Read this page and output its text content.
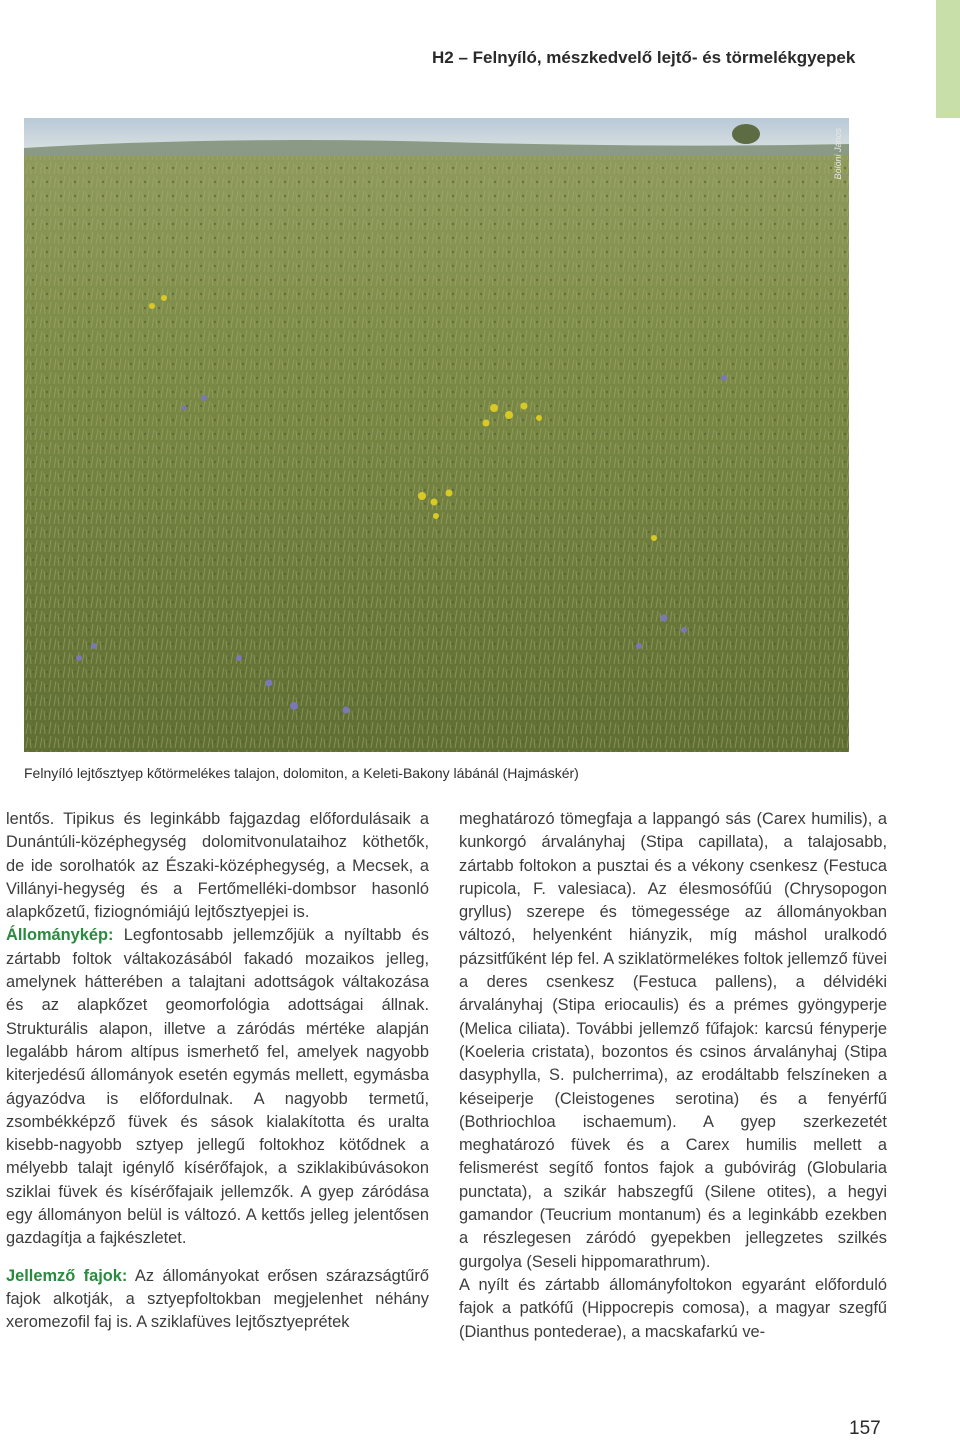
H2 – Felnyíló, mészkedvelő lejtő- és törmelékgyepek
Bölöni János
Felnyíló lejtősztyep kőtörmelékes talajon, dolomiton, a Keleti-Bakony lábánál (Hajmáskér)

lentős. Tipikus és leginkább fajgazdag előfordulásaik a Dunántúli-középhegység dolomitvonulataihoz köthetők, de ide sorolhatók az Északi-középhegység, a Mecsek, a Villányi-hegység és a Fertőmelléki-dombsor hasonló alapkőzetű, fiziognómiájú lejtősztyepjei is.

Állománykép: Legfontosabb jellemzőjük a nyíltabb és zártabb foltok váltakozásából fakadó mozaikos jelleg, amelynek hátterében a talajtani adottságok váltakozása és az alapkőzet geomorfológia adottságai állnak. Strukturális alapon, illetve a záródás mértéke alapján legalább három altípus ismerhető fel, amelyek nagyobb kiterjedésű állományok esetén egymás mellett, egymásba ágyazódva is előfordulnak. A nagyobb termetű, zsombékképző füvek és sások kialakította és uralta kisebb-nagyobb sztyep jellegű foltokhoz kötődnek a mélyebb talajt igénylő kísérőfajok, a sziklakibúvásokon sziklai füvek és kísérőfajaik jellemzők. A gyep záródása egy állományon belül is változó. A kettős jelleg jelentősen gazdagítja a fajkészletet.

Jellemző fajok: Az állományokat erősen szárazságtűrő fajok alkotják, a sztyepfoltokban megjelenhet néhány xeromezofil faj is. A sziklafüves lejtősztyeprétek

meghatározó tömegfaja a lappangó sás (Carex humilis), a kunkorgó árvalányhaj (Stipa capillata), a talajosabb, zártabb foltokon a pusztai és a vékony csenkesz (Festuca rupicola, F. valesiaca). Az élesmosófűú (Chrysopogon gryllus) szerepe és tömegessége az állományokban változó, helyenként hiányzik, míg máshol uralkodó pázsitfűként lép fel. A sziklatörmelékes foltok jellemző füvei a deres csenkesz (Festuca pallens), a délvidéki árvalányhaj (Stipa eriocaulis) és a prémes gyöngyperje (Melica ciliata). További jellemző fűfajok: karcsú fényperje (Koeleria cristata), bozontos és csinos árvalányhaj (Stipa dasyphylla, S. pulcherrima), az erodáltabb felszíneken a késeiperje (Cleistogenes serotina) és a fenyérfű (Bothriochloa ischaemum). A gyep szerkezetét meghatározó füvek és a Carex humilis mellett a felismerést segítő fontos fajok a gubóvirág (Globularia punctata), a szikár habszegfű (Silene otites), a hegyi gamandor (Teucrium montanum) és a leginkább ezekben a részlegesen záródó gyepekben jellegzetes szilkés gurgolya (Seseli hippomarathrum).

A nyílt és zártabb állományfoltokon egyaránt előforduló fajok a patkófű (Hippocrepis comosa), a magyar szegfű (Dianthus pontederae), a macskafarkú ve-

157
